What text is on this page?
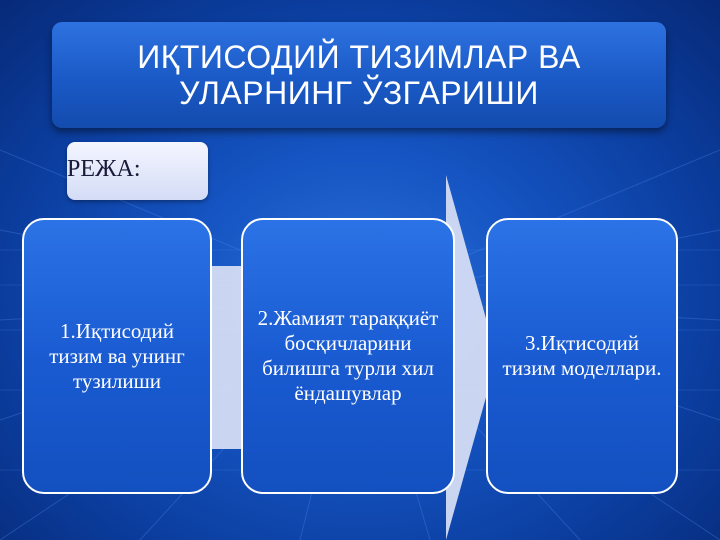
ИҚТИСОДИЙ ТИЗИМЛАР ВА УЛАРНИНГ ЎЗГАРИШИ
РЕЖА:
1.Иқтисодий тизим ва унинг тузилиши
2.Жамият тараққиёт босқичларини билишга турли хил ёндашувлар
3.Иқтисодий тизим моделлари.
